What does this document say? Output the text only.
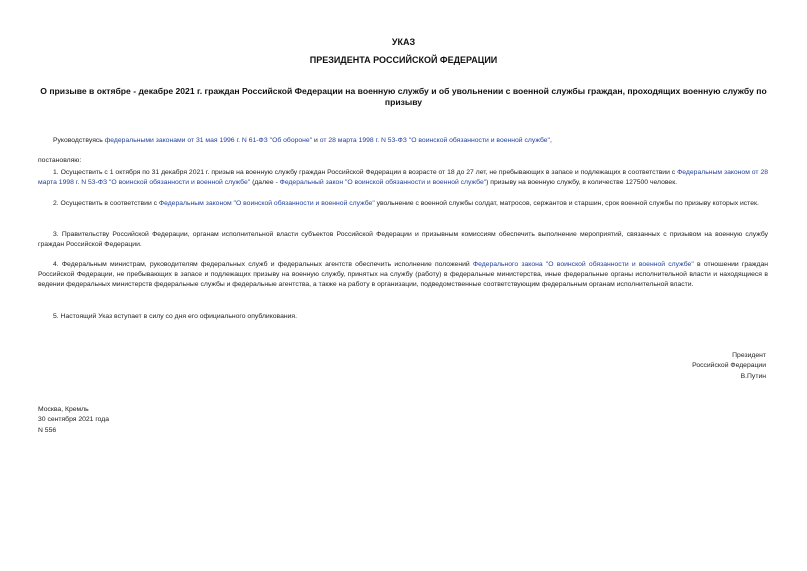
УКАЗ
ПРЕЗИДЕНТА РОССИЙСКОЙ ФЕДЕРАЦИИ
О призыве в октябре - декабре 2021 г. граждан Российской Федерации на военную службу и об увольнении с военной службы граждан, проходящих военную службу по призыву
Руководствуясь федеральными законами от 31 мая 1996 г. N 61-ФЗ "Об обороне" и от 28 марта 1998 г. N 53-ФЗ "О воинской обязанности и военной службе",
постановляю:
1. Осуществить с 1 октября по 31 декабря 2021 г. призыв на военную службу граждан Российской Федерации в возрасте от 18 до 27 лет, не пребывающих в запасе и подлежащих в соответствии с Федеральным законом от 28 марта 1998 г. N 53-ФЗ "О воинской обязанности и военной службе" (далее - Федеральный закон "О воинской обязанности и военной службе") призыву на военную службу, в количестве 127500 человек.
2. Осуществить в соответствии с Федеральным законом "О воинской обязанности и военной службе" увольнение с военной службы солдат, матросов, сержантов и старшин, срок военной службы по призыву которых истек.
3. Правительству Российской Федерации, органам исполнительной власти субъектов Российской Федерации и призывным комиссиям обеспечить выполнение мероприятий, связанных с призывом на военную службу граждан Российской Федерации.
4. Федеральным министрам, руководителям федеральных служб и федеральных агентств обеспечить исполнение положений Федерального закона "О воинской обязанности и военной службе" в отношении граждан Российской Федерации, не пребывающих в запасе и подлежащих призыву на военную службу, принятых на службу (работу) в федеральные министерства, иные федеральные органы исполнительной власти и находящиеся в ведении федеральных министерств федеральные службы и федеральные агентства, а также на работу в организации, подведомственные соответствующим федеральным органам исполнительной власти.
5. Настоящий Указ вступает в силу со дня его официального опубликования.
Президент
Российской Федерации
В.Путин
Москва, Кремль
30 сентября 2021 года
N 556
